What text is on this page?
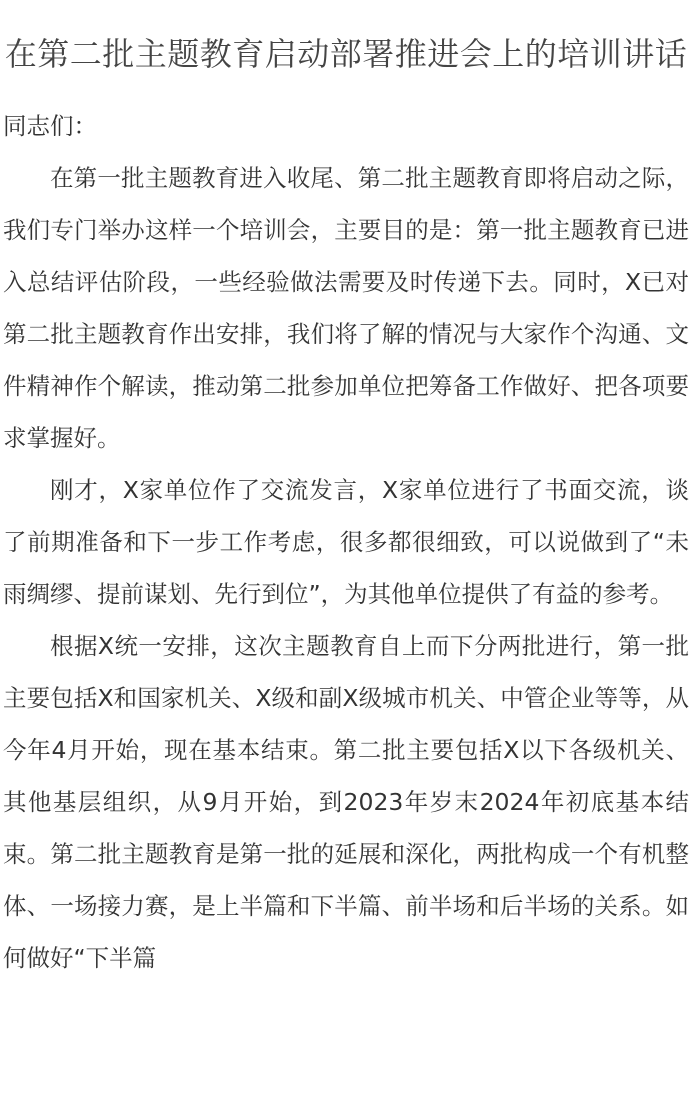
在第二批主题教育启动部署推进会上的培训讲话

同志们：

在第一批主题教育进入收尾、第二批主题教育即将启动之际，我们专门举办这样一个培训会，主要目的是：第一批主题教育已进入总结评估阶段，一些经验做法需要及时传递下去。同时，X已对第二批主题教育作出安排，我们将了解的情况与大家作个沟通、文件精神作个解读，推动第二批参加单位把筹备工作做好、把各项要求掌握好。

刚才，X家单位作了交流发言，X家单位进行了书面交流，谈了前期准备和下一步工作考虑，很多都很细致，可以说做到了“未雨绸缪、提前谋划、先行到位”，为其他单位提供了有益的参考。

根据X统一安排，这次主题教育自上而下分两批进行，第一批主要包括X和国家机关、X级和副X级城市机关、中管企业等等，从今年4月开始，现在基本结束。第二批主要包括X以下各级机关、其他基层组织，从9月开始，到2023年岁末2024年初底基本结束。第二批主题教育是第一批的延展和深化，两批构成一个有机整体、一场接力赛，是上半篇和下半篇、前半场和后半场的关系。如何做好“下半篇
